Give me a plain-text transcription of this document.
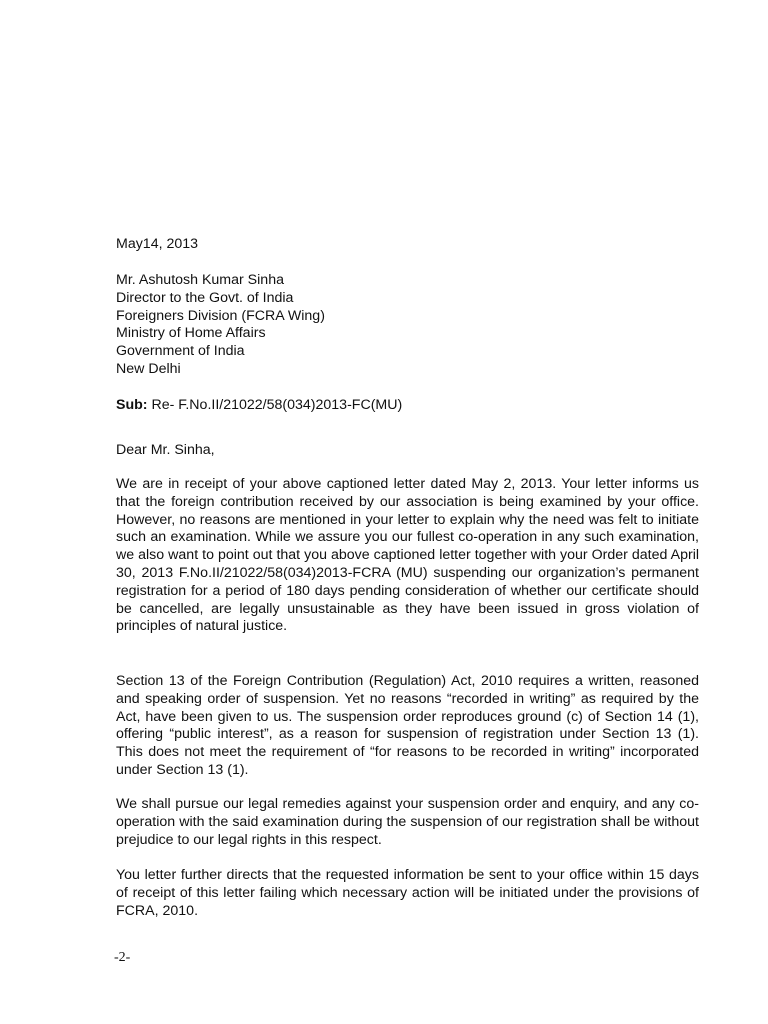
May14, 2013
Mr. Ashutosh Kumar Sinha
Director to the Govt. of India
Foreigners Division (FCRA Wing)
Ministry of Home Affairs
Government of India
New Delhi
Sub: Re- F.No.II/21022/58(034)2013-FC(MU)
Dear Mr. Sinha,

We are in receipt of your above captioned letter dated May 2, 2013. Your letter informs us that the foreign contribution received by our association is being examined by your office. However, no reasons are mentioned in your letter to explain why the need was felt to initiate such an examination. While we assure you our fullest co-operation in any such examination, we also want to point out that you above captioned letter together with your Order dated April 30, 2013 F.No.II/21022/58(034)2013-FCRA (MU) suspending our organization’s permanent registration for a period of 180 days pending consideration of whether our certificate should be cancelled, are legally unsustainable as they have been issued in gross violation of principles of natural justice.

Section 13 of the Foreign Contribution (Regulation) Act, 2010 requires a written, reasoned and speaking order of suspension. Yet no reasons “recorded in writing” as required by the Act, have been given to us. The suspension order reproduces ground (c) of Section 14 (1), offering “public interest”, as a reason for suspension of registration under Section 13 (1). This does not meet the requirement of “for reasons to be recorded in writing” incorporated under Section 13 (1).

We shall pursue our legal remedies against your suspension order and enquiry, and any co-operation with the said examination during the suspension of our registration shall be without prejudice to our legal rights in this respect.

You letter further directs that the requested information be sent to your office within 15 days of receipt of this letter failing which necessary action will be initiated under the provisions of FCRA, 2010.

-2-
